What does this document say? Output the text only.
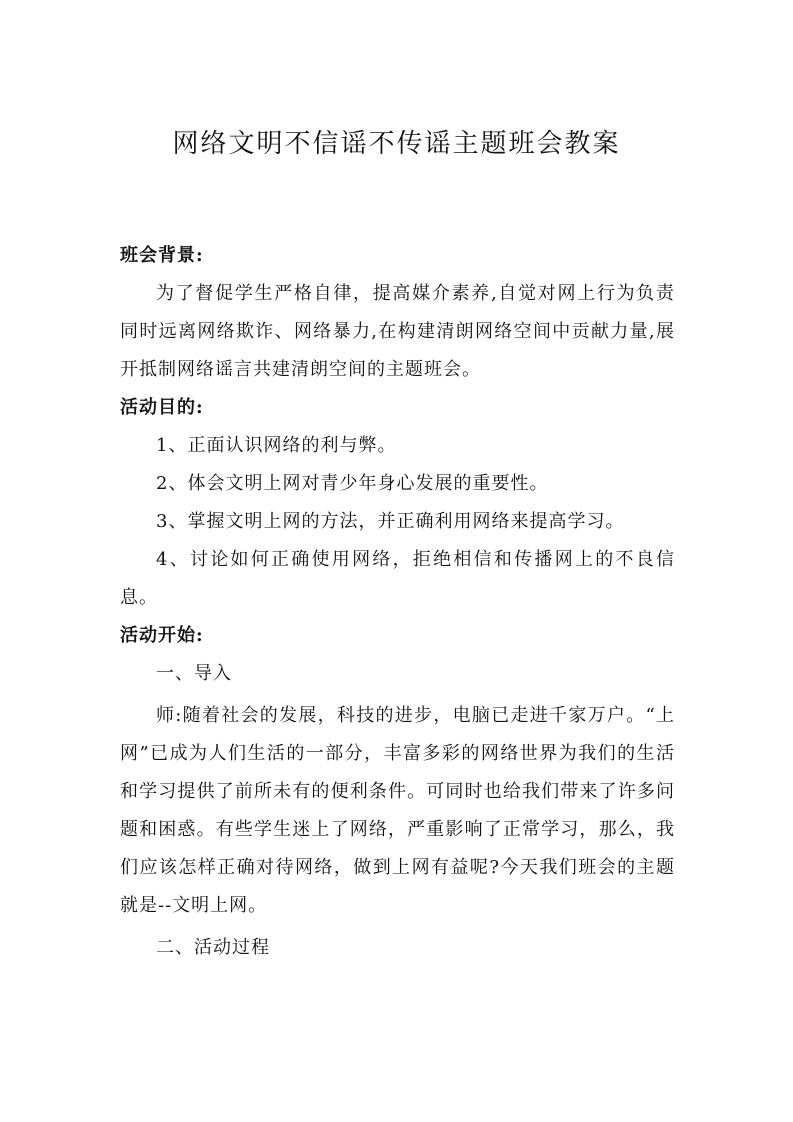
网络文明不信谣不传谣主题班会教案

班会背景:

为了督促学生严格自律，提高媒介素养,自觉对网上行为负责同时远离网络欺诈、网络暴力,在构建清朗网络空间中贡献力量,展开抵制网络谣言共建清朗空间的主题班会。

活动目的:

1、正面认识网络的利与弊。

2、体会文明上网对青少年身心发展的重要性。

3、掌握文明上网的方法，并正确利用网络来提高学习。

4、讨论如何正确使用网络，拒绝相信和传播网上的不良信息。

活动开始:

一、导入

师:随着社会的发展，科技的进步，电脑已走进千家万户。“上网”已成为人们生活的一部分，丰富多彩的网络世界为我们的生活和学习提供了前所未有的便利条件。可同时也给我们带来了许多问题和困惑。有些学生迷上了网络，严重影响了正常学习，那么，我们应该怎样正确对待网络，做到上网有益呢?今天我们班会的主题就是--文明上网。

二、活动过程
